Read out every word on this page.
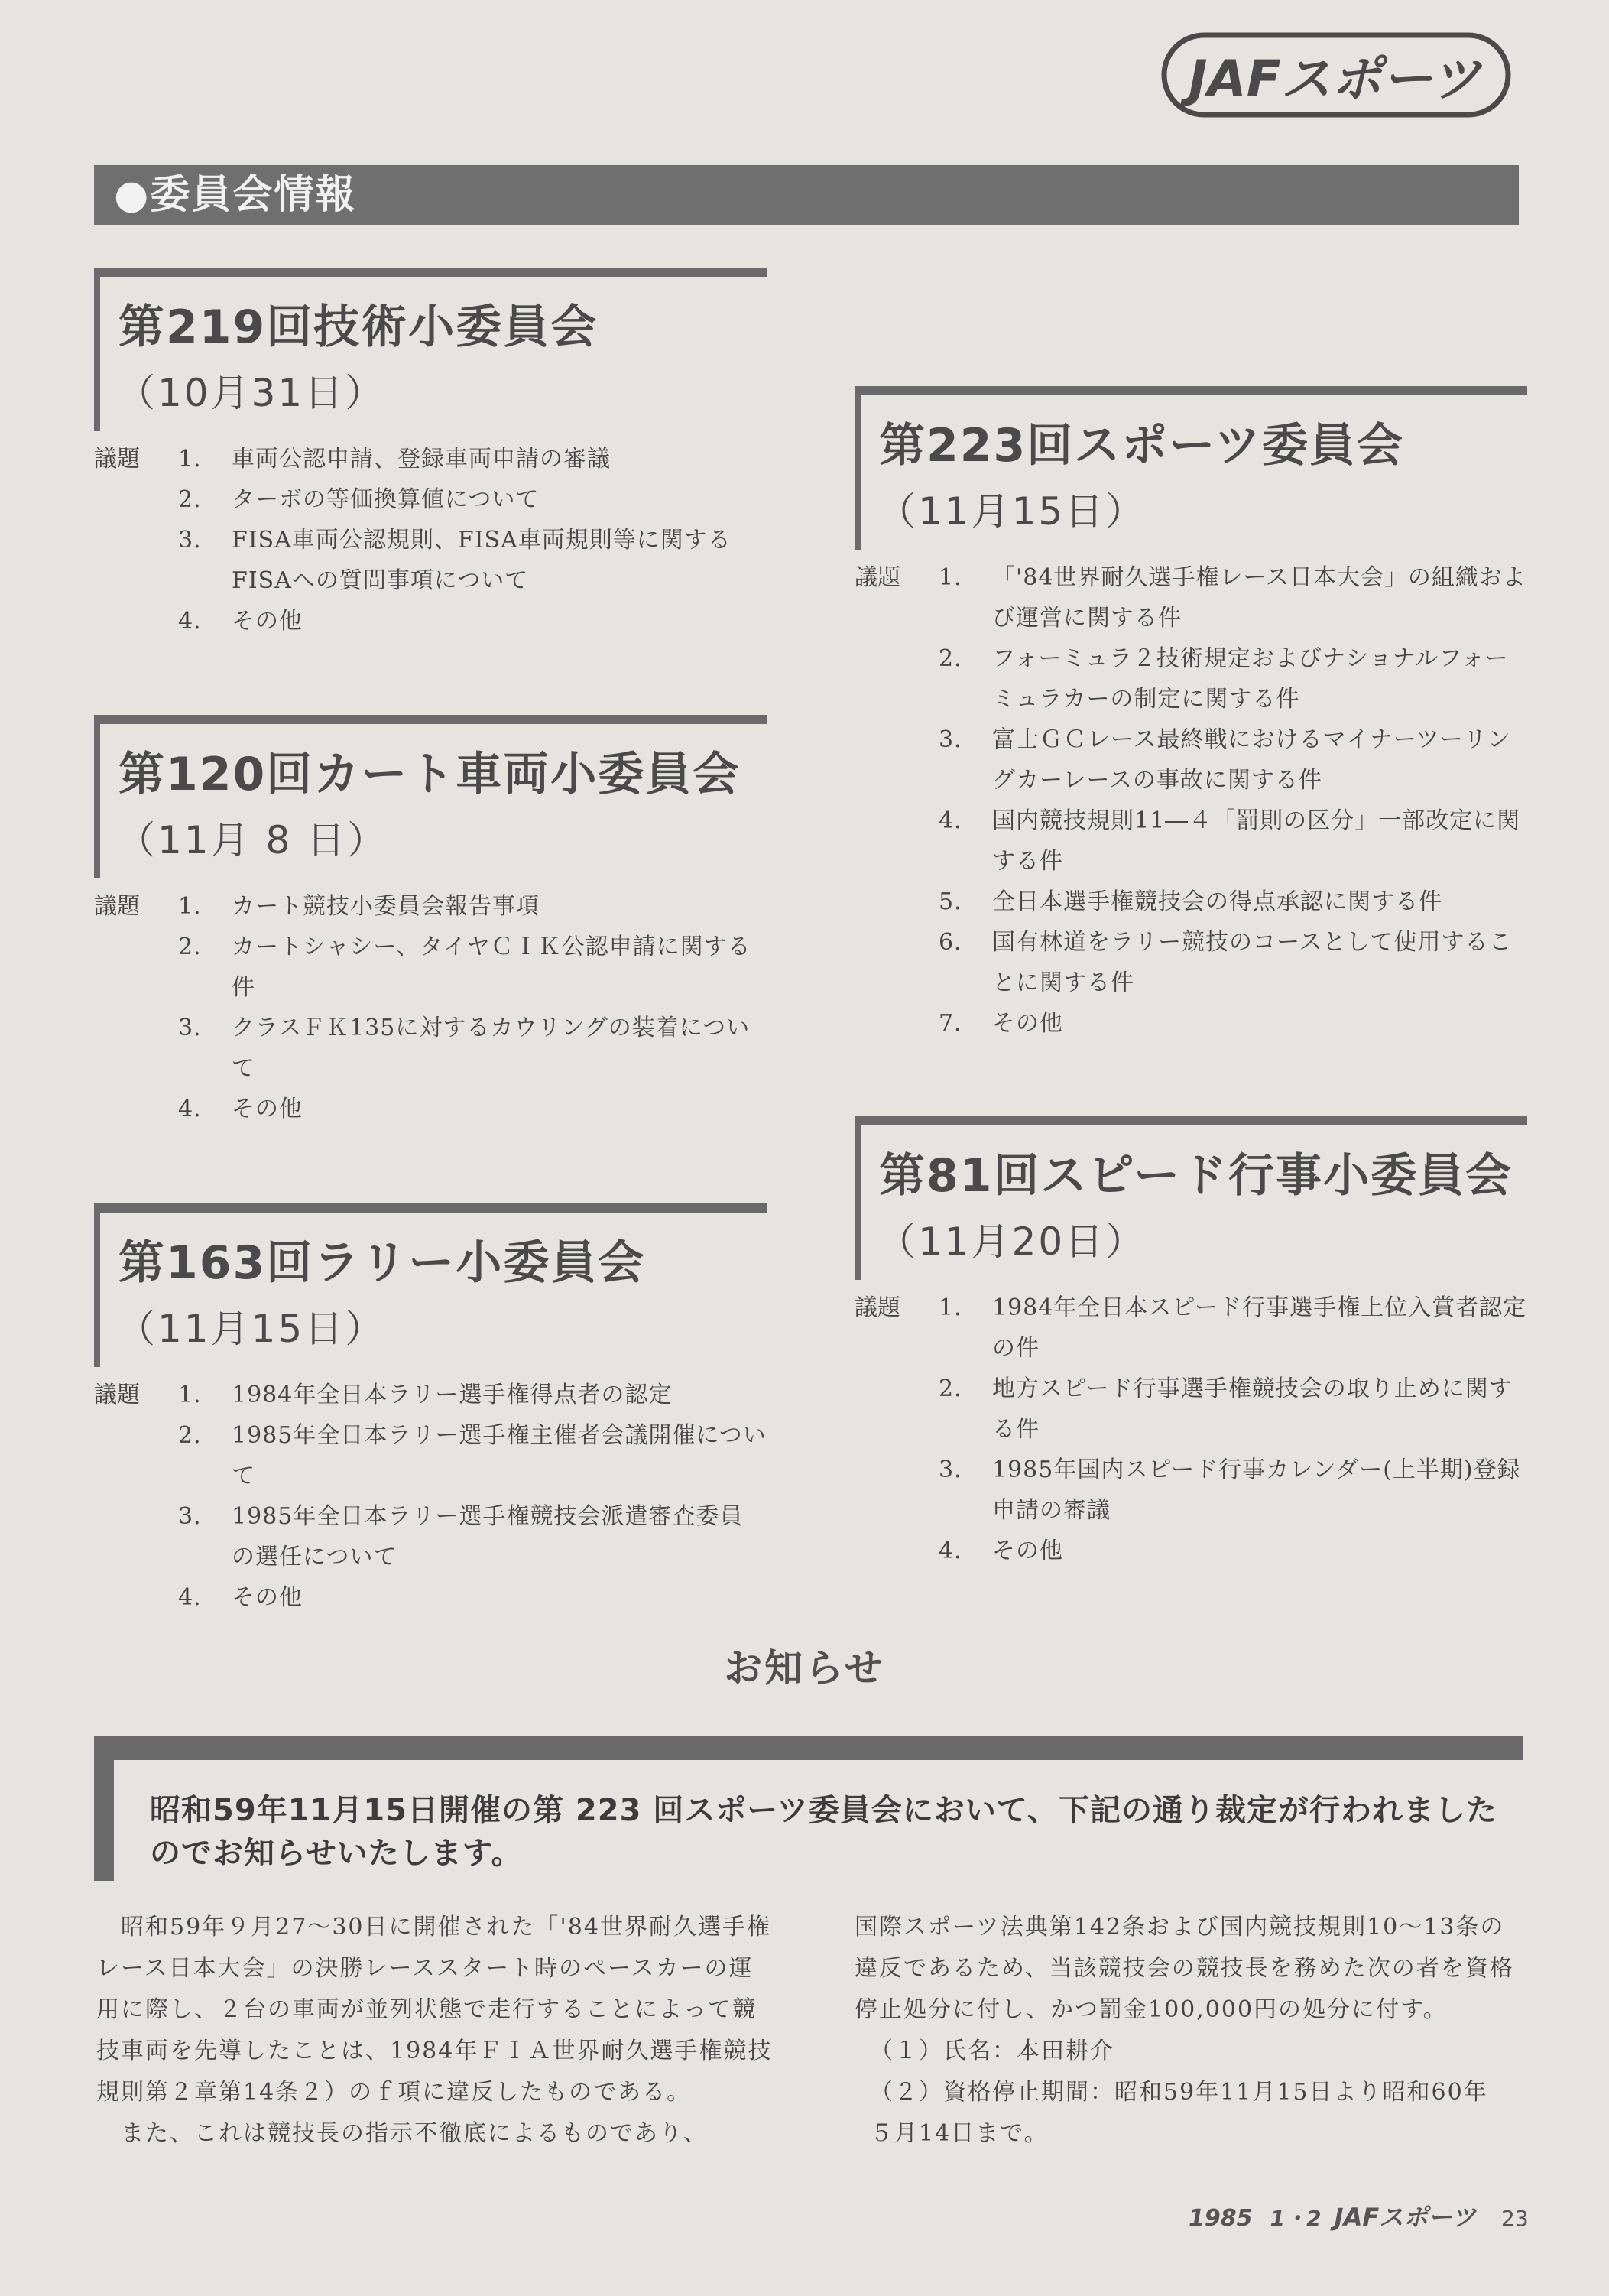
JAFスポーツ
●委員会情報
第219回技術小委員会
（10月31日）
議題 1． 車両公認申請、登録車両申請の審議
2． ターボの等価換算値について
3． FISA車両公認規則、FISA車両規則等に関するFISAへの質問事項について
4． その他
第120回カート車両小委員会
（11月 8 日）
議題 1． カート競技小委員会報告事項
2． カートシャシー、タイヤＣＩＫ公認申請に関する件
3． クラスＦＫ135に対するカウリングの装着について
4． その他
第163回ラリー小委員会
（11月15日）
議題 1． 1984年全日本ラリー選手権得点者の認定
2． 1985年全日本ラリー選手権主催者会議開催について
3． 1985年全日本ラリー選手権競技会派遣審査委員の選任について
4． その他
第223回スポーツ委員会
（11月15日）
議題 1． 「'84世界耐久選手権レース日本大会」の組織および運営に関する件
2． フォーミュラ２技術規定およびナショナルフォーミュラカーの制定に関する件
3． 富士ＧＣレース最終戦におけるマイナーツーリングカーレースの事故に関する件
4． 国内競技規則11―４「罰則の区分」一部改定に関する件
5． 全日本選手権競技会の得点承認に関する件
6． 国有林道をラリー競技のコースとして使用することに関する件
7． その他
第81回スピード行事小委員会
（11月20日）
議題 1． 1984年全日本スピード行事選手権上位入賞者認定の件
2． 地方スピード行事選手権競技会の取り止めに関する件
3． 1985年国内スピード行事カレンダー(上半期)登録申請の審議
4． その他
お知らせ
昭和59年11月15日開催の第 223 回スポーツ委員会において、下記の通り裁定が行われましたのでお知らせいたします。

　昭和59年９月27～30日に開催された「'84世界耐久選手権レース日本大会」の決勝レーススタート時のペースカーの運用に際し、２台の車両が並列状態で走行することによって競技車両を先導したことは、1984年ＦＩＡ世界耐久選手権競技規則第２章第14条２）のｆ項に違反したものである。

　また、これは競技長の指示不徹底によるものであり、

国際スポーツ法典第142条および国内競技規則10～13条の違反であるため、当該競技会の競技長を務めた次の者を資格停止処分に付し、かつ罰金100,000円の処分に付す。

（１）氏名：本田耕介

（２）資格停止期間：昭和59年11月15日より昭和60年５月14日まで。

1985 1・2 JAFスポーツ 23
